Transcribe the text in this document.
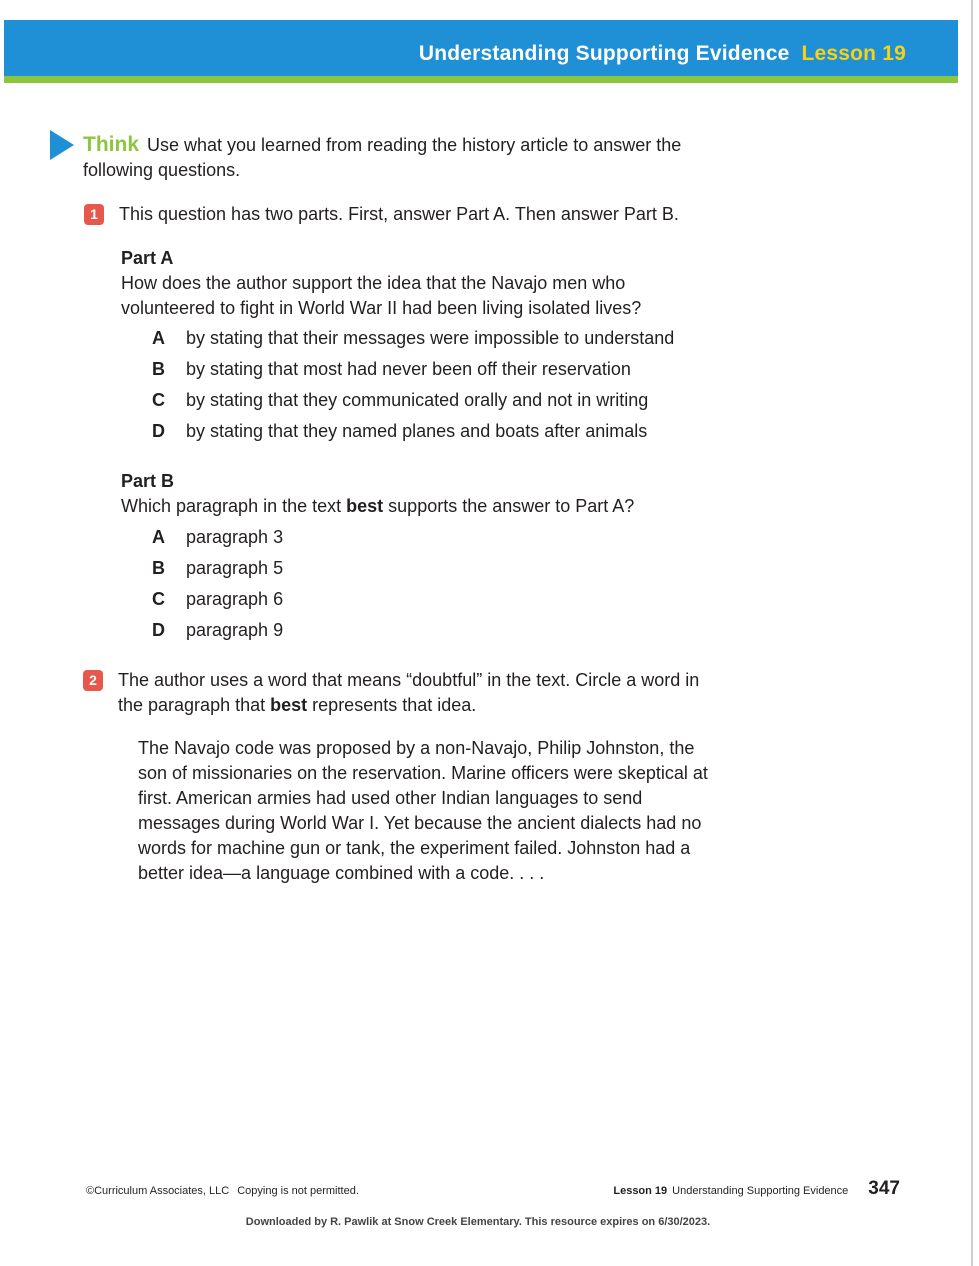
Understanding Supporting Evidence Lesson 19
Think Use what you learned from reading the history article to answer the following questions.
1	This question has two parts. First, answer Part A. Then answer Part B.
Part A
How does the author support the idea that the Navajo men who volunteered to fight in World War II had been living isolated lives?
A	by stating that their messages were impossible to understand
B	by stating that most had never been off their reservation
C	by stating that they communicated orally and not in writing
D	by stating that they named planes and boats after animals
Part B
Which paragraph in the text best supports the answer to Part A?
A	paragraph 3
B	paragraph 5
C	paragraph 6
D	paragraph 9
2	The author uses a word that means “doubtful” in the text. Circle a word in the paragraph that best represents that idea.
The Navajo code was proposed by a non-Navajo, Philip Johnston, the son of missionaries on the reservation. Marine officers were skeptical at first. American armies had used other Indian languages to send messages during World War I. Yet because the ancient dialects had no words for machine gun or tank, the experiment failed. Johnston had a better idea—a language combined with a code. . . .
©Curriculum Associates, LLC Copying is not permitted.	Lesson 19 Understanding Supporting Evidence 347
Downloaded by R. Pawlik at Snow Creek Elementary. This resource expires on 6/30/2023.
